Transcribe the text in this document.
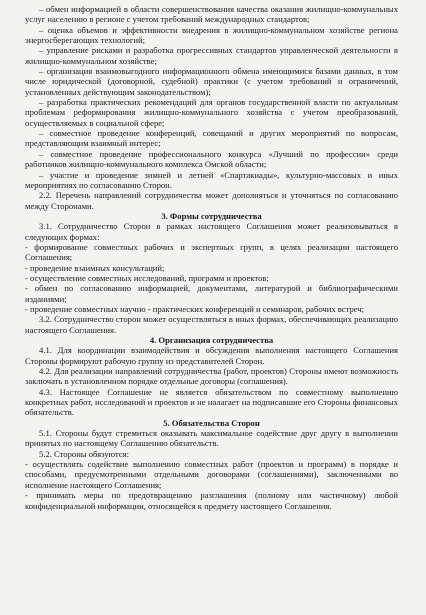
– обмен информацией в области совершенствования качества оказания жилищно-коммунальных услуг населению в регионе с учетом требований международных стандартов;

– оценка объемов и эффективности внедрения в жилищно-коммунальном хозяйстве региона энергосберегающих технологий;

– управление рисками и разработка прогрессивных стандартов управленческой деятельности в жилищно-коммунальном хозяйстве;

– организация взаимовыгодного информационного обмена имеющимися базами данных, в том числе юридической (договорной, судебной) практики (с учетом требований и ограничений, установленных действующим законодательством);

– разработка практических рекомендаций для органов государственной власти по актуальным проблемам реформирования жилищно-коммунального хозяйства с учетом преобразований, осуществляемых в социальной сфере;

– совместное проведение конференций, совещаний и других мероприятий по вопросам, представляющим взаимный интерес;

– совместное проведение профессионального конкурса «Лучший по профессии» среди работников жилищно-коммунального комплекса Омской области;

– участие и проведение зимней и летней «Спартакиады», культурно-массовых и иных мероприятиях по согласованию Сторон.

2.2. Перечень направлений сотрудничества может дополняться и уточняться по согласованию между Сторонами.

3. Формы сотрудничества

3.1. Сотрудничество Сторон в рамках настоящего Соглашения может реализовываться в следующих формах:

- формирование совместных рабочих и экспертных групп, в целях реализации настоящего Соглашения;

- проведение взаимных консультаций;

- осуществление совместных исследований, программ и проектов;

- обмен по согласованию информацией, документами, литературой и библиографическими изданиями;

- проведение совместных научно - практических конференций и семинаров, рабочих встреч;

3.2. Сотрудничество сторон может осуществляться в иных формах, обеспечивающих реализацию настоящего Соглашения.

4. Организация сотрудничества

4.1. Для координации взаимодействия и обсуждения выполнения настоящего Соглашения Стороны формируют рабочую группу из представителей Сторон.

4.2. Для реализации направлений сотрудничества (работ, проектов) Стороны имеют возможность заключать в установленном порядке отдельные договоры (соглашения).

4.3. Настоящее Соглашение не является обязательством по совместному выполнению конкретных работ, исследований и проектов и не налагает на подписавшие его Стороны финансовых обязательств.

5. Обязательства Сторон

5.1. Стороны будут стремиться оказывать максимальное содействие друг другу в выполнении принятых по настоящему Соглашению обязательств.

5.2. Стороны обязуются:

- осуществлять содействие выполнению совместных работ (проектов и программ) в порядке и способами, предусмотренными отдельными договорами (соглашениями), заключенными во исполнение настоящего Соглашения;

- принимать меры по предотвращению разглашения (полному или частичному) любой конфиденциальной информации, относящейся к предмету настоящего Соглашения.
